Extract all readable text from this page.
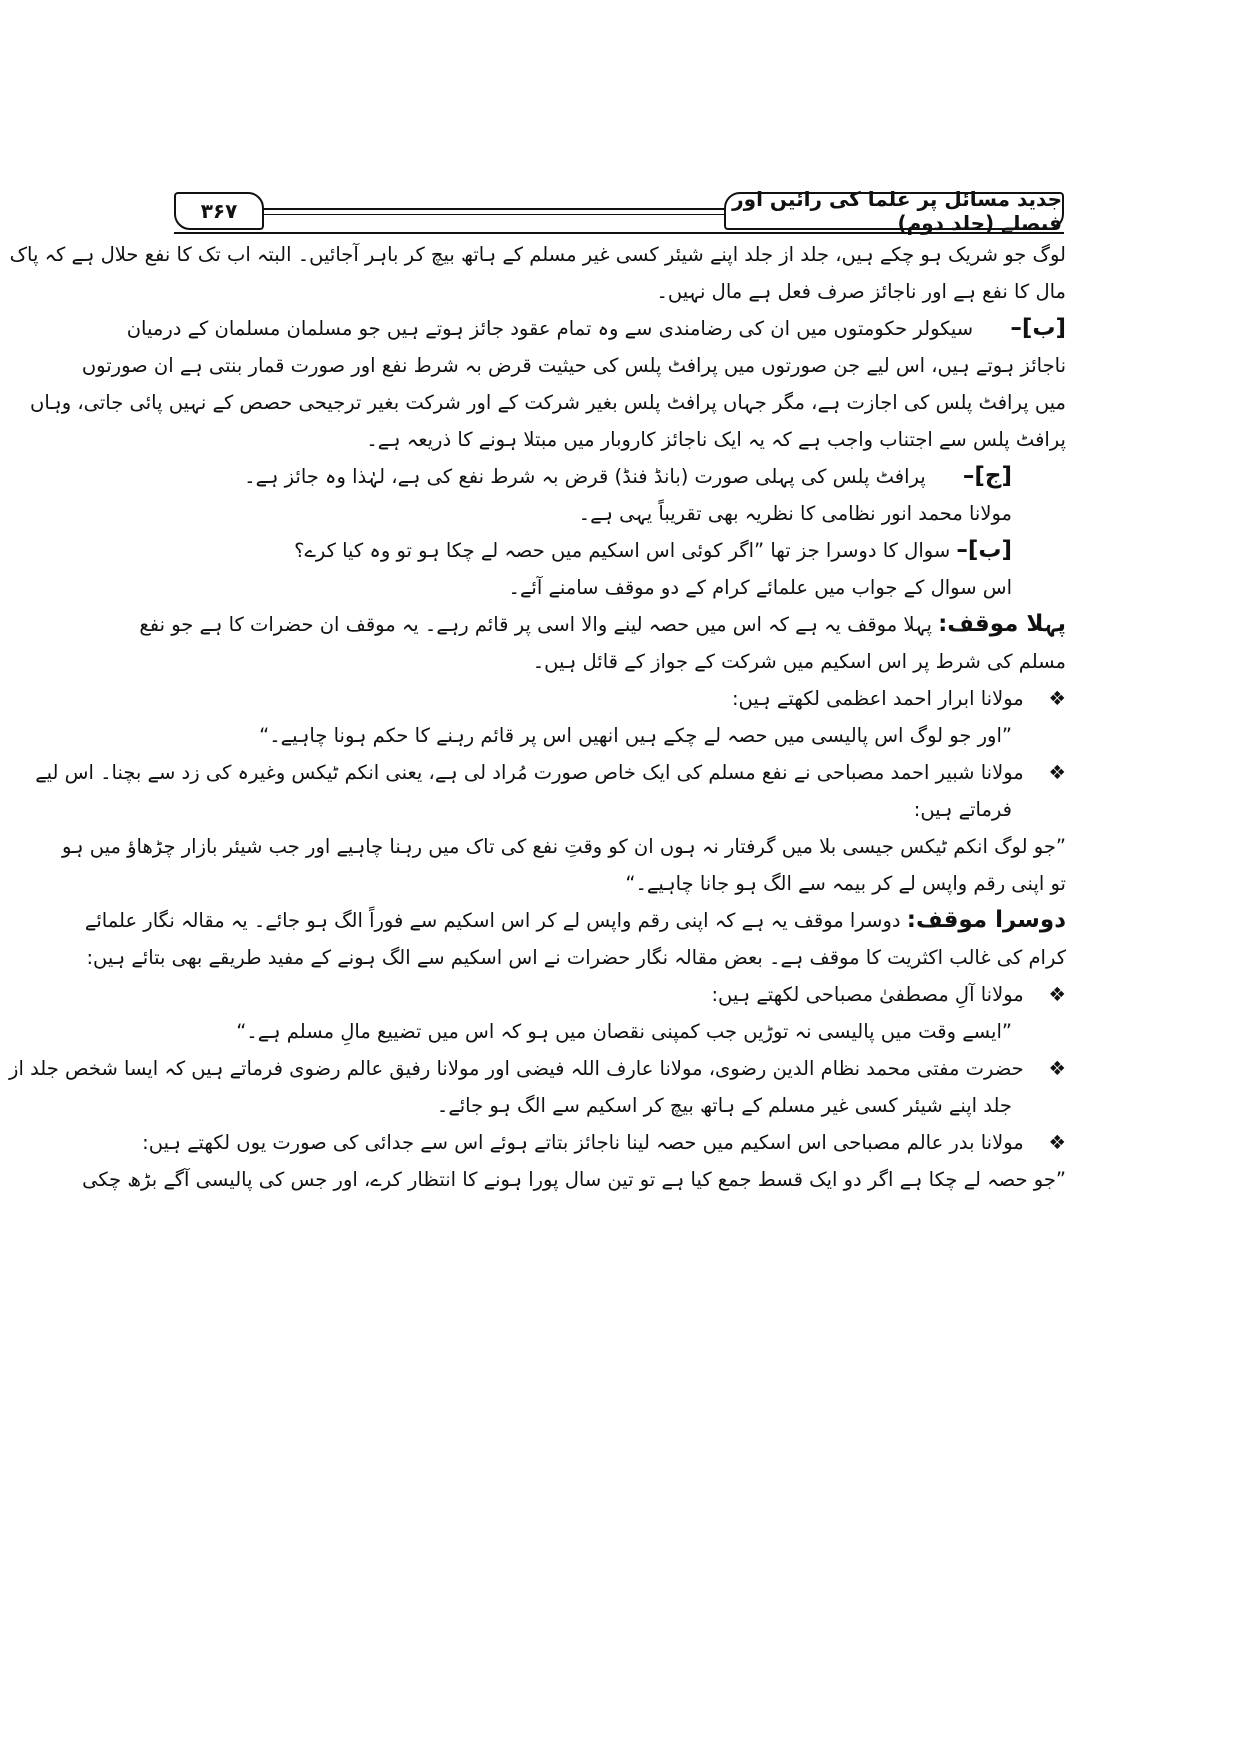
۳۶۷	جدید مسائل پر علما کی رائیں اور فیصلے (جلد دوم)
لوگ جو شریک ہو چکے ہیں، جلد از جلد اپنے شیئر کسی غیر مسلم کے ہاتھ بیچ کر باہر آجائیں۔ البتہ اب تک کا نفع حلال ہے کہ پاک
مال کا نفع ہے اور ناجائز صرف فعل ہے مال نہیں۔
[ب]–      سیکولر حکومتوں میں ان کی رضامندی سے وہ تمام عقود جائز ہوتے ہیں جو مسلمان مسلمان کے درمیان
ناجائز ہوتے ہیں، اس لیے جن صورتوں میں پرافٹ پلس کی حیثیت قرض بہ شرط نفع اور صورت قمار بنتی ہے ان صورتوں
میں پرافٹ پلس کی اجازت ہے، مگر جہاں پرافٹ پلس بغیر شرکت کے اور شرکت بغیر ترجیحی حصص کے نہیں پائی جاتی، وہاں
پرافٹ پلس سے اجتناب واجب ہے کہ یہ ایک ناجائز کاروبار میں مبتلا ہونے کا ذریعہ ہے۔
[ج]–      پرافٹ پلس کی پہلی صورت (بانڈ فنڈ) قرض بہ شرط نفع کی ہے، لہٰذا وہ جائز ہے۔
مولانا محمد انور نظامی کا نظریہ بھی تقریباً یہی ہے۔
[ب]– سوال کا دوسرا جز تھا ”اگر کوئی اس اسکیم میں حصہ لے چکا ہو تو وہ کیا کرے؟
اس سوال کے جواب میں علمائے کرام کے دو موقف سامنے آئے۔
پہلا موقف: پہلا موقف یہ ہے کہ اس میں حصہ لینے والا اسی پر قائم رہے۔ یہ موقف ان حضرات کا ہے جو نفع
مسلم کی شرط پر اس اسکیم میں شرکت کے جواز کے قائل ہیں۔
❖    مولانا ابرار احمد اعظمی لکھتے ہیں:
”اور جو لوگ اس پالیسی میں حصہ لے چکے ہیں انھیں اس پر قائم رہنے کا حکم ہونا چاہیے۔“
❖    مولانا شبیر احمد مصباحی نے نفع مسلم کی ایک خاص صورت مُراد لی ہے، یعنی انکم ٹیکس وغیرہ کی زد سے بچنا۔ اس لیے
فرماتے ہیں:
”جو لوگ انکم ٹیکس جیسی بلا میں گرفتار نہ ہوں ان کو وقتِ نفع کی تاک میں رہنا چاہیے اور جب شیئر بازار چڑھاؤ میں ہو
تو اپنی رقم واپس لے کر بیمہ سے الگ ہو جانا چاہیے۔“
دوسرا موقف: دوسرا موقف یہ ہے کہ اپنی رقم واپس لے کر اس اسکیم سے فوراً الگ ہو جائے۔ یہ مقالہ نگار علمائے
کرام کی غالب اکثریت کا موقف ہے۔ بعض مقالہ نگار حضرات نے اس اسکیم سے الگ ہونے کے مفید طریقے بھی بتائے ہیں:
❖    مولانا آلِ مصطفیٰ مصباحی لکھتے ہیں:
”ایسے وقت میں پالیسی نہ توڑیں جب کمپنی نقصان میں ہو کہ اس میں تضییع مالِ مسلم ہے۔“
❖    حضرت مفتی محمد نظام الدین رضوی، مولانا عارف اللہ فیضی اور مولانا رفیق عالم رضوی فرماتے ہیں کہ ایسا شخص جلد از
جلد اپنے شیئر کسی غیر مسلم کے ہاتھ بیچ کر اسکیم سے الگ ہو جائے۔
❖    مولانا بدر عالم مصباحی اس اسکیم میں حصہ لینا ناجائز بتاتے ہوئے اس سے جدائی کی صورت یوں لکھتے ہیں:
”جو حصہ لے چکا ہے اگر دو ایک قسط جمع کیا ہے تو تین سال پورا ہونے کا انتظار کرے، اور جس کی پالیسی آگے بڑھ چکی
